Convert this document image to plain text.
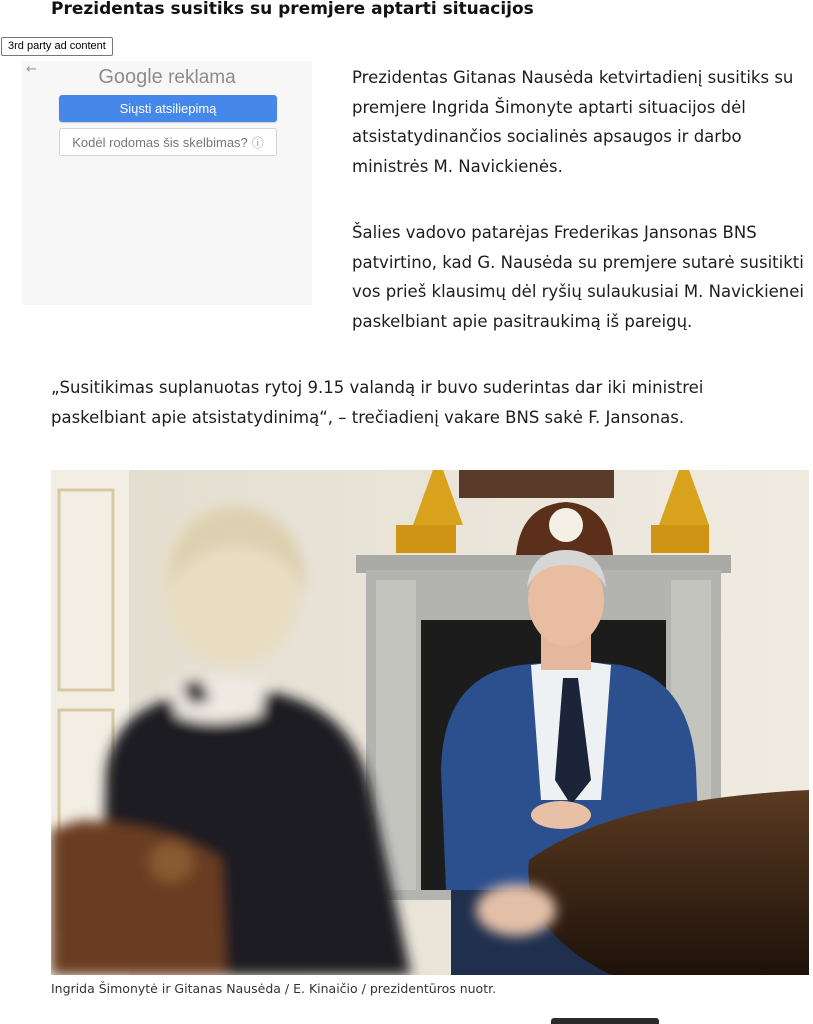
Prezidentas susitiks su premjere aptarti situacijos
3rd party ad content
←	Google reklama
Siųsti atsiliepimą
Kodėl rodomas šis skelbimas? ⓘ

Prezidentas Gitanas Nausėda ketvirtadienį susitiks su premjere Ingrida Šimonyte aptarti situacijos dėl atsistatydinančios socialinės apsaugos ir darbo ministrės M. Navickienės.

Šalies vadovo patarėjas Frederikas Jansonas BNS patvirtino, kad G. Nausėda su premjere sutarė susitikti vos prieš klausimų dėl ryšių sulaukusiai M. Navickienei paskelbiant apie pasitraukimą iš pareigų.

„Susitikimas suplanuotas rytoj 9.15 valandą ir buvo suderintas dar iki ministrei paskelbiant apie atsistatydinimą“, – trečiadienį vakare BNS sakė F. Jansonas.

Ingrida Šimonytė ir Gitanas Nausėda / E. Kinaičio / prezidentūros nuotr.
